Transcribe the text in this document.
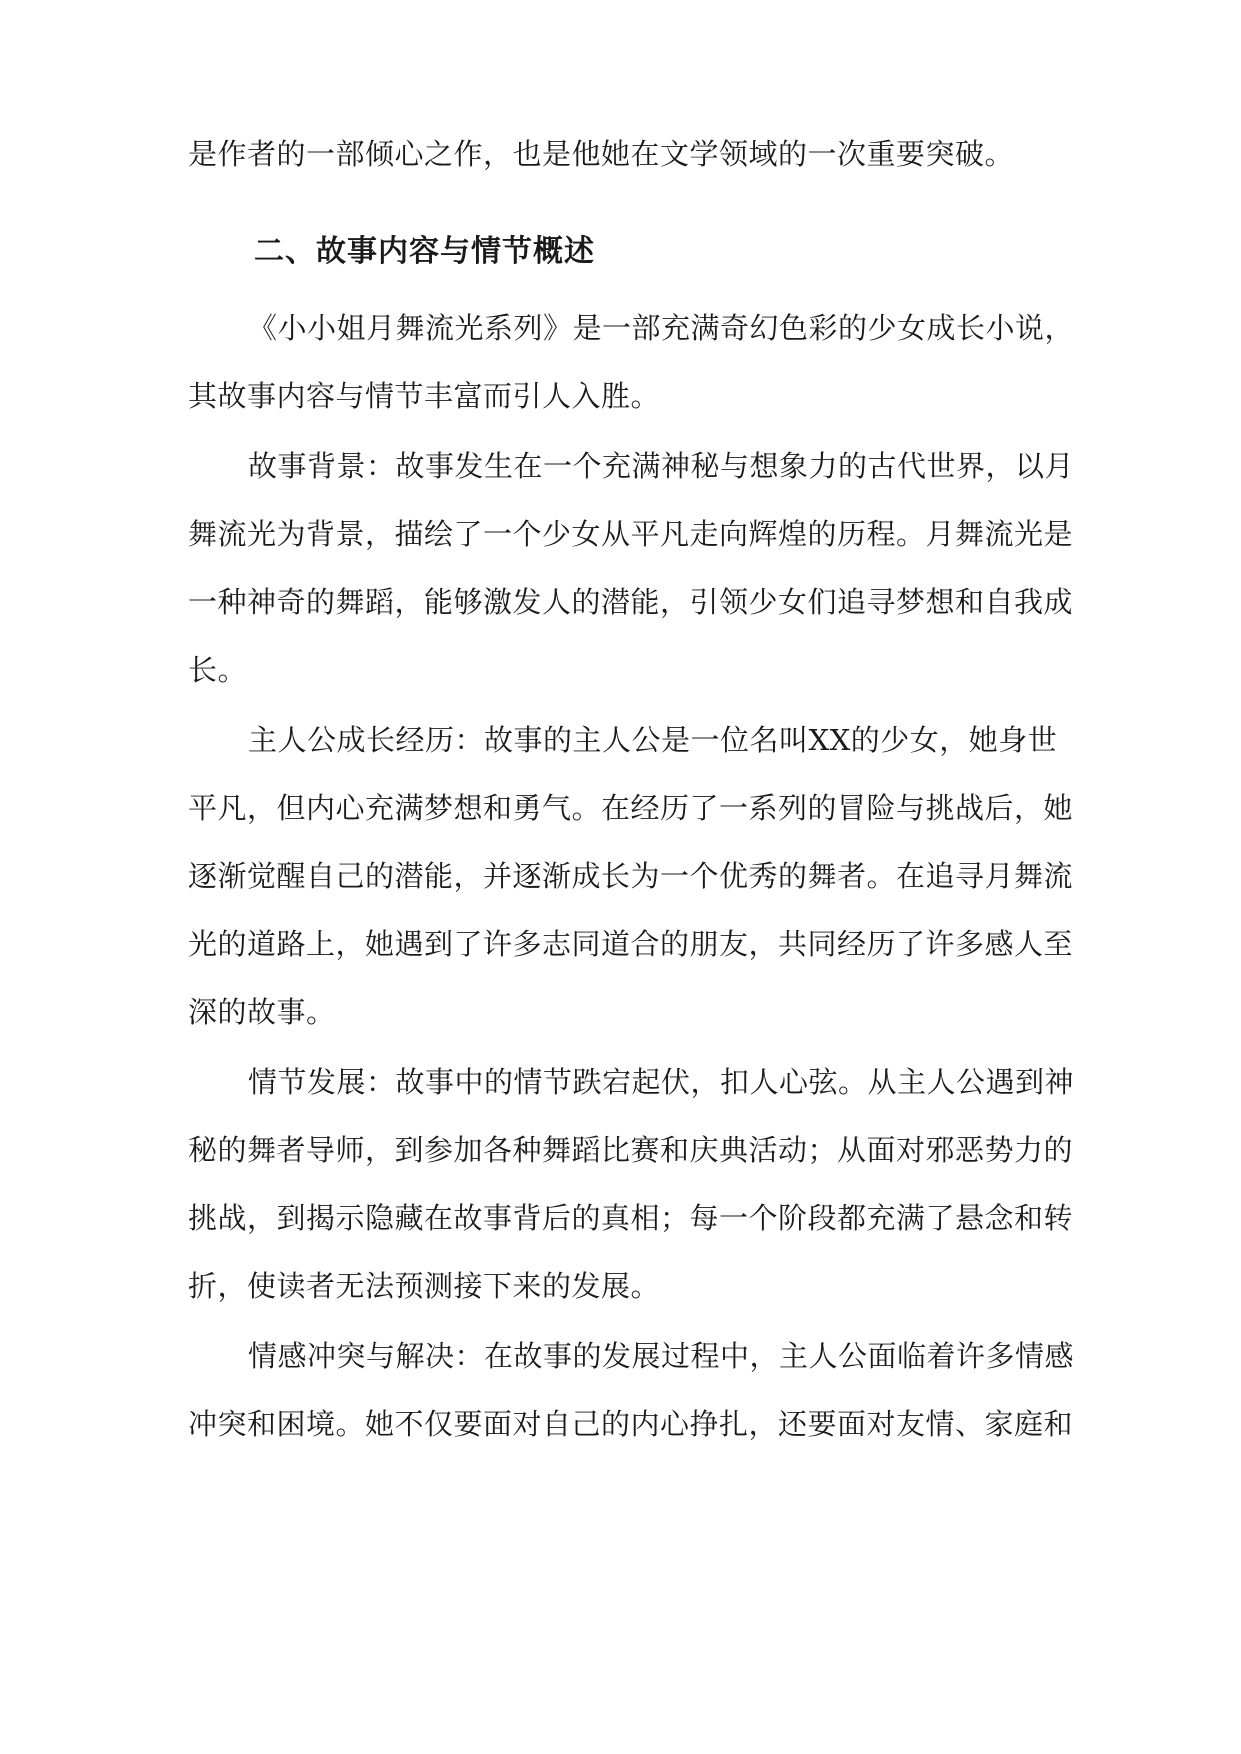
是作者的一部倾心之作，也是他她在文学领域的一次重要突破。
二、故事内容与情节概述
《小小姐月舞流光系列》是一部充满奇幻色彩的少女成长小说，
其故事内容与情节丰富而引人入胜。
故事背景：故事发生在一个充满神秘与想象力的古代世界，以月
舞流光为背景，描绘了一个少女从平凡走向辉煌的历程。月舞流光是
一种神奇的舞蹈，能够激发人的潜能，引领少女们追寻梦想和自我成
长。
主人公成长经历：故事的主人公是一位名叫XX的少女，她身世
平凡，但内心充满梦想和勇气。在经历了一系列的冒险与挑战后，她
逐渐觉醒自己的潜能，并逐渐成长为一个优秀的舞者。在追寻月舞流
光的道路上，她遇到了许多志同道合的朋友，共同经历了许多感人至
深的故事。
情节发展：故事中的情节跌宕起伏，扣人心弦。从主人公遇到神
秘的舞者导师，到参加各种舞蹈比赛和庆典活动；从面对邪恶势力的
挑战，到揭示隐藏在故事背后的真相；每一个阶段都充满了悬念和转
折，使读者无法预测接下来的发展。
情感冲突与解决：在故事的发展过程中，主人公面临着许多情感
冲突和困境。她不仅要面对自己的内心挣扎，还要面对友情、家庭和
